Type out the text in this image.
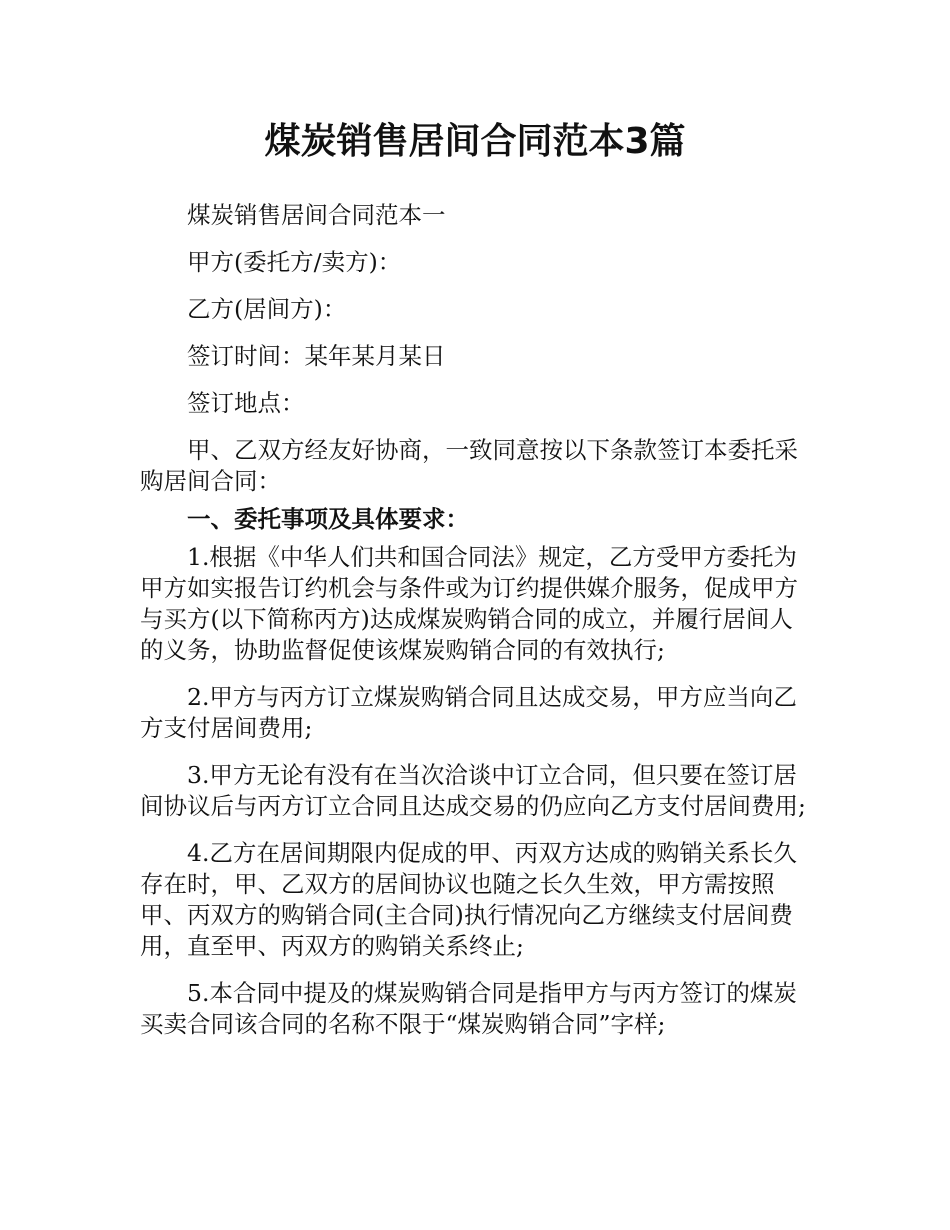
煤炭销售居间合同范本3篇

煤炭销售居间合同范本一

甲方(委托方/卖方)：

乙方(居间方)：

签订时间：某年某月某日

签订地点：

甲、乙双方经友好协商，一致同意按以下条款签订本委托采购居间合同：

一、委托事项及具体要求：

1.根据《中华人们共和国合同法》规定，乙方受甲方委托为甲方如实报告订约机会与条件或为订约提供媒介服务，促成甲方与买方(以下简称丙方)达成煤炭购销合同的成立，并履行居间人的义务，协助监督促使该煤炭购销合同的有效执行;

2.甲方与丙方订立煤炭购销合同且达成交易，甲方应当向乙方支付居间费用;

3.甲方无论有没有在当次洽谈中订立合同，但只要在签订居间协议后与丙方订立合同且达成交易的仍应向乙方支付居间费用;

4.乙方在居间期限内促成的甲、丙双方达成的购销关系长久存在时，甲、乙双方的居间协议也随之长久生效，甲方需按照甲、丙双方的购销合同(主合同)执行情况向乙方继续支付居间费用，直至甲、丙双方的购销关系终止;

5.本合同中提及的煤炭购销合同是指甲方与丙方签订的煤炭买卖合同该合同的名称不限于“煤炭购销合同”字样;
